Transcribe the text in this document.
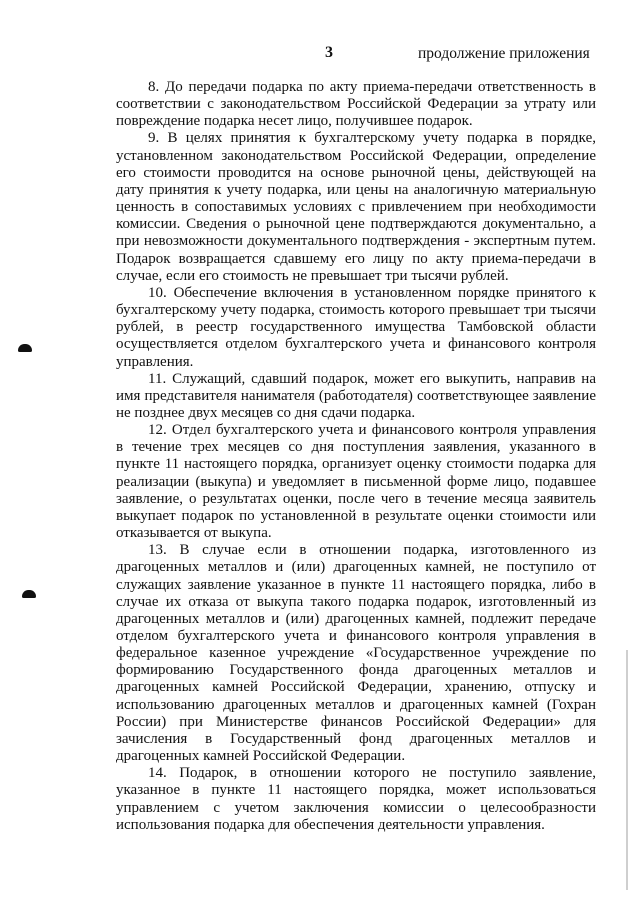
3	продолжение приложения

8. До передачи подарка по акту приема-передачи ответственность в соответствии с законодательством Российской Федерации за утрату или повреждение подарка несет лицо, получившее подарок.

9. В целях принятия к бухгалтерскому учету подарка в порядке, установленном законодательством Российской Федерации, определение его стоимости проводится на основе рыночной цены, действующей на дату принятия к учету подарка, или цены на аналогичную материальную ценность в сопоставимых условиях с привлечением при необходимости комиссии. Сведения о рыночной цене подтверждаются документально, а при невозможности документального подтверждения - экспертным путем. Подарок возвращается сдавшему его лицу по акту приема-передачи в случае, если его стоимость не превышает три тысячи рублей.

10. Обеспечение включения в установленном порядке принятого к бухгалтерскому учету подарка, стоимость которого превышает три тысячи рублей, в реестр государственного имущества Тамбовской области осуществляется отделом бухгалтерского учета и финансового контроля управления.

11. Служащий, сдавший подарок, может его выкупить, направив на имя представителя нанимателя (работодателя) соответствующее заявление не позднее двух месяцев со дня сдачи подарка.

12. Отдел бухгалтерского учета и финансового контроля управления в течение трех месяцев со дня поступления заявления, указанного в пункте 11 настоящего порядка, организует оценку стоимости подарка для реализации (выкупа) и уведомляет в письменной форме лицо, подавшее заявление, о результатах оценки, после чего в течение месяца заявитель выкупает подарок по установленной в результате оценки стоимости или отказывается от выкупа.

13. В случае если в отношении подарка, изготовленного из драгоценных металлов и (или) драгоценных камней, не поступило от служащих заявление указанное в пункте 11 настоящего порядка, либо в случае их отказа от выкупа такого подарка подарок, изготовленный из драгоценных металлов и (или) драгоценных камней, подлежит передаче отделом бухгалтерского учета и финансового контроля управления в федеральное казенное учреждение «Государственное учреждение по формированию Государственного фонда драгоценных металлов и драгоценных камней Российской Федерации, хранению, отпуску и использованию драгоценных металлов и драгоценных камней (Гохран России) при Министерстве финансов Российской Федерации» для зачисления в Государственный фонд драгоценных металлов и драгоценных камней Российской Федерации.

14. Подарок, в отношении которого не поступило заявление, указанное в пункте 11 настоящего порядка, может использоваться управлением с учетом заключения комиссии о целесообразности использования подарка для обеспечения деятельности управления.
